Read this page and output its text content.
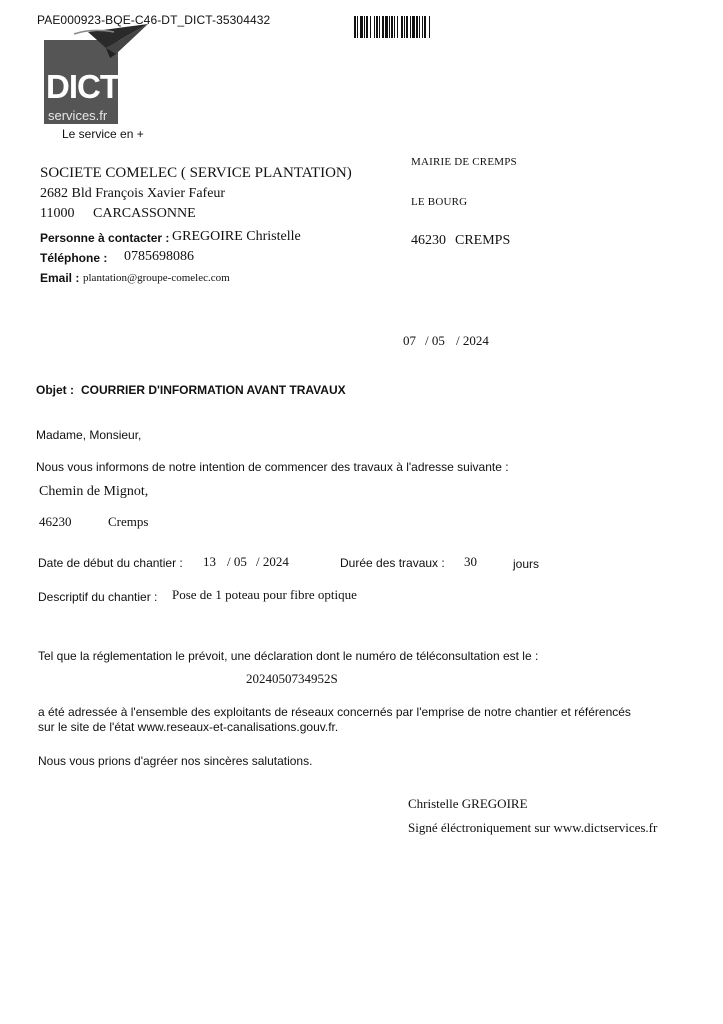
PAE000923-BQE-C46-DT_DICT-35304432
DICT
services.fr
Le service en +
SOCIETE COMELEC ( SERVICE PLANTATION)
2682 Bld François Xavier Fafeur
11000 CARCASSONNE
Personne à contacter : GREGOIRE Christelle
Téléphone : 0785698086
Email : plantation@groupe-comelec.com
MAIRIE DE CREMPS
LE BOURG
46230 CREMPS
07 / 05 / 2024
Objet : COURRIER D'INFORMATION AVANT TRAVAUX
Madame, Monsieur,
Nous vous informons de notre intention de commencer des travaux à l'adresse suivante :
Chemin de Mignot,
46230	Cremps
Date de début du chantier : 13 / 05 / 2024	Durée des travaux : 30	jours
Descriptif du chantier : Pose de 1 poteau pour fibre optique
Tel que la réglementation le prévoit, une déclaration dont le numéro de téléconsultation est le :
2024050734952S
a été adressée à l'ensemble des exploitants de réseaux concernés par l'emprise de notre chantier et référencés
sur le site de l'état www.reseaux-et-canalisations.gouv.fr.
Nous vous prions d'agréer nos sincères salutations.
Christelle GREGOIRE
Signé éléctroniquement sur www.dictservices.fr
